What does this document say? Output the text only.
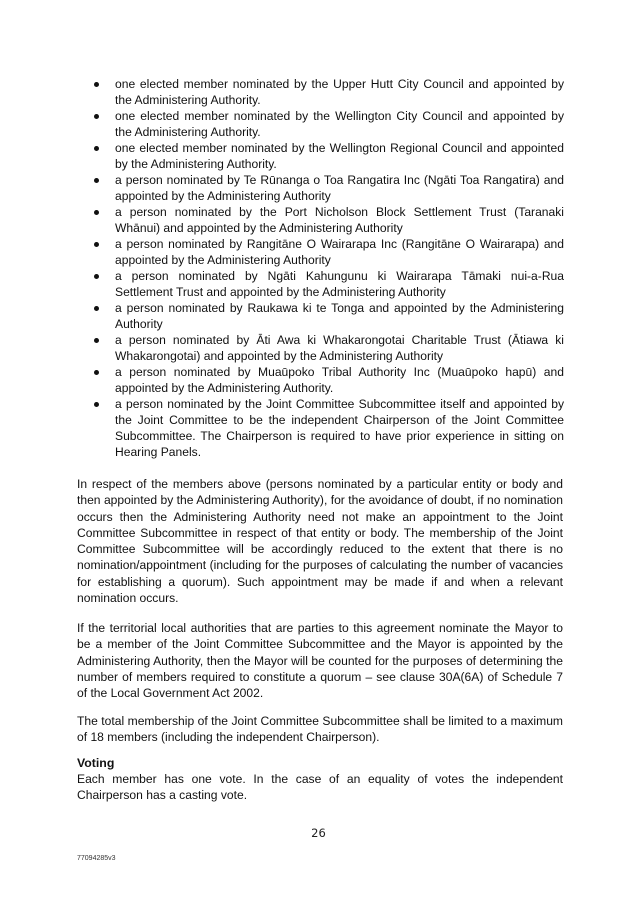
one elected member nominated by the Upper Hutt City Council and appointed by the Administering Authority.
one elected member nominated by the Wellington City Council and appointed by the Administering Authority.
one elected member nominated by the Wellington Regional Council and appointed by the Administering Authority.
a person nominated by Te Rūnanga o Toa Rangatira Inc (Ngāti Toa Rangatira) and appointed by the Administering Authority
a person nominated by the Port Nicholson Block Settlement Trust (Taranaki Whānui) and appointed by the Administering Authority
a person nominated by Rangitāne O Wairarapa Inc (Rangitāne O Wairarapa) and appointed by the Administering Authority
a person nominated by Ngāti Kahungunu ki Wairarapa Tāmaki nui-a-Rua Settlement Trust and appointed by the Administering Authority
a person nominated by Raukawa ki te Tonga and appointed by the Administering Authority
a person nominated by Āti Awa ki Whakarongotai Charitable Trust (Ātiawa ki Whakarongotai) and appointed by the Administering Authority
a person nominated by Muaūpoko Tribal Authority Inc (Muaūpoko hapū) and appointed by the Administering Authority.
a person nominated by the Joint Committee Subcommittee itself and appointed by the Joint Committee to be the independent Chairperson of the Joint Committee Subcommittee. The Chairperson is required to have prior experience in sitting on Hearing Panels.

In respect of the members above (persons nominated by a particular entity or body and then appointed by the Administering Authority), for the avoidance of doubt, if no nomination occurs then the Administering Authority need not make an appointment to the Joint Committee Subcommittee in respect of that entity or body. The membership of the Joint Committee Subcommittee will be accordingly reduced to the extent that there is no nomination/appointment (including for the purposes of calculating the number of vacancies for establishing a quorum). Such appointment may be made if and when a relevant nomination occurs.

If the territorial local authorities that are parties to this agreement nominate the Mayor to be a member of the Joint Committee Subcommittee and the Mayor is appointed by the Administering Authority, then the Mayor will be counted for the purposes of determining the number of members required to constitute a quorum – see clause 30A(6A) of Schedule 7 of the Local Government Act 2002.

The total membership of the Joint Committee Subcommittee shall be limited to a maximum of 18 members (including the independent Chairperson).

Voting

Each member has one vote. In the case of an equality of votes the independent Chairperson has a casting vote.

26
77094285v3
